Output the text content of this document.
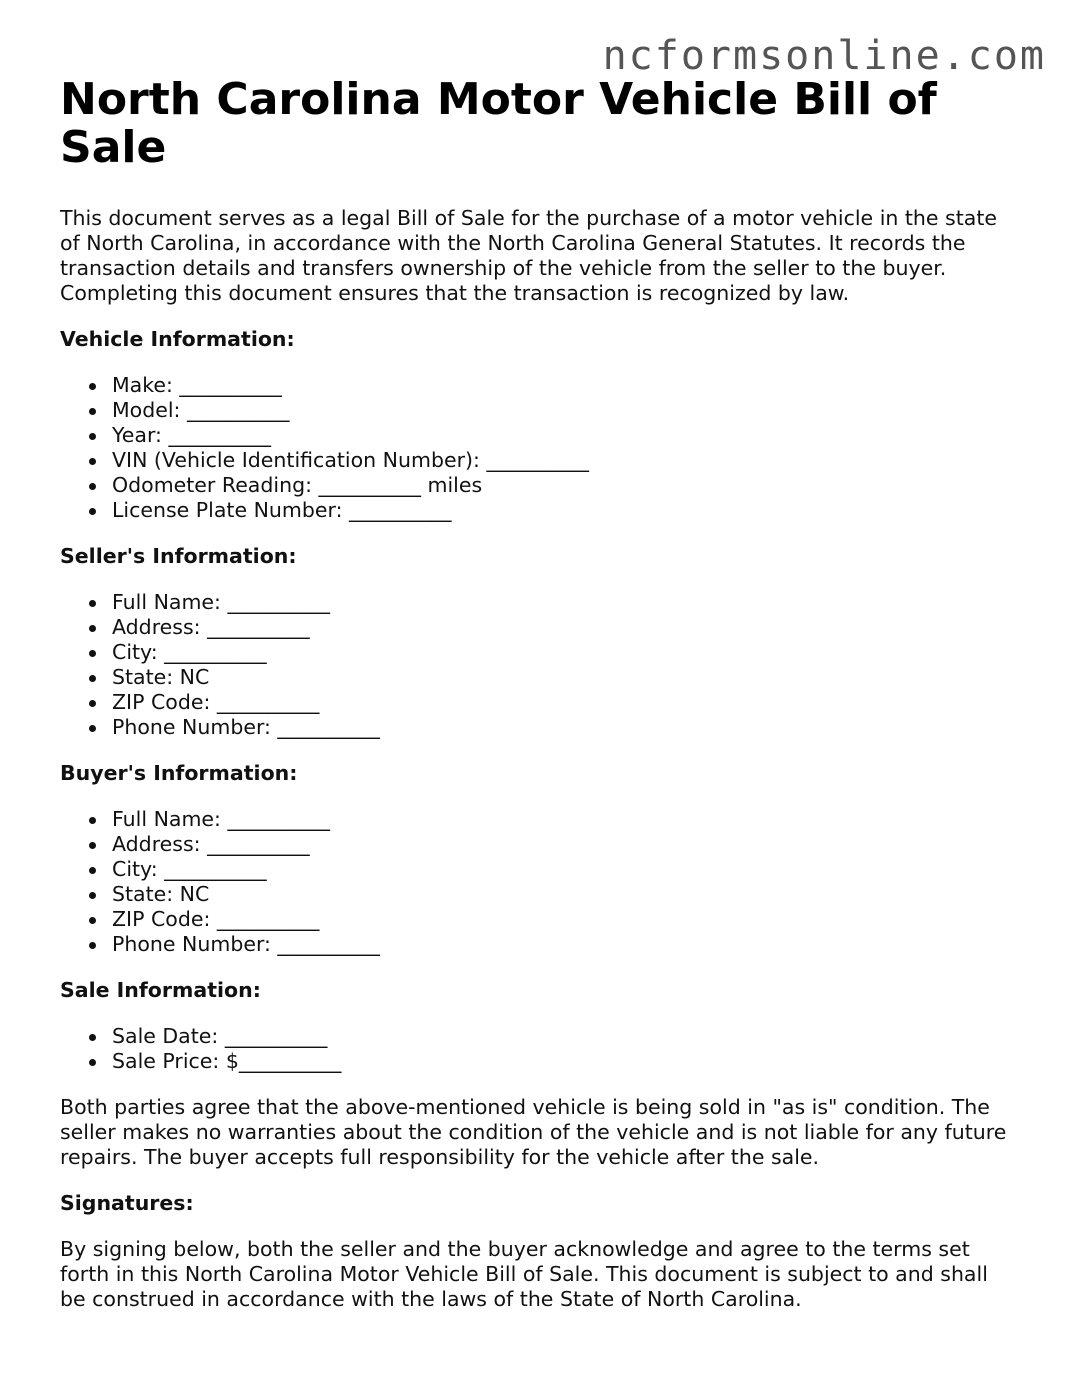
ncformsonline.com
North Carolina Motor Vehicle Bill of Sale

This document serves as a legal Bill of Sale for the purchase of a motor vehicle in the state of North Carolina, in accordance with the North Carolina General Statutes. It records the transaction details and transfers ownership of the vehicle from the seller to the buyer. Completing this document ensures that the transaction is recognized by law.

Vehicle Information:
Make: __________
Model: __________
Year: __________
VIN (Vehicle Identification Number): __________
Odometer Reading: __________ miles
License Plate Number: __________
Seller's Information:
Full Name: __________
Address: __________
City: __________
State: NC
ZIP Code: __________
Phone Number: __________
Buyer's Information:
Full Name: __________
Address: __________
City: __________
State: NC
ZIP Code: __________
Phone Number: __________
Sale Information:
Sale Date: __________
Sale Price: $__________

Both parties agree that the above-mentioned vehicle is being sold in "as is" condition. The seller makes no warranties about the condition of the vehicle and is not liable for any future repairs. The buyer accepts full responsibility for the vehicle after the sale.

Signatures:

By signing below, both the seller and the buyer acknowledge and agree to the terms set forth in this North Carolina Motor Vehicle Bill of Sale. This document is subject to and shall be construed in accordance with the laws of the State of North Carolina.
